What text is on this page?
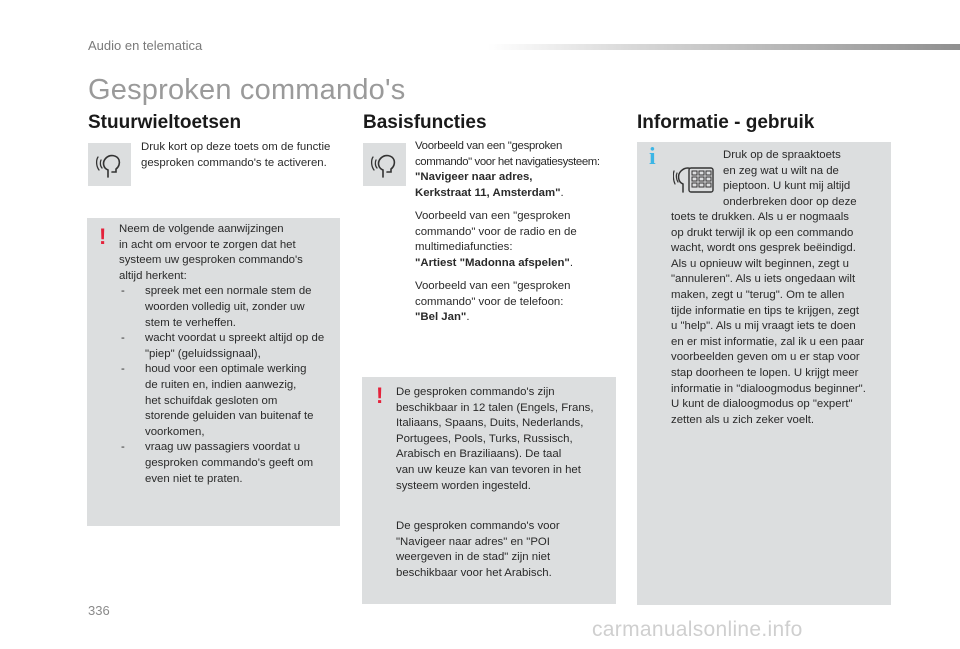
Audio en telematica
Gesproken commando's
Stuurwieltoetsen
Druk kort op deze toets om de functie
gesproken commando's te activeren.
! Neem de volgende aanwijzingen
in acht om ervoor te zorgen dat het
systeem uw gesproken commando's
altijd herkent:
- spreek met een normale stem de
woorden volledig uit, zonder uw
stem te verheffen.
- wacht voordat u spreekt altijd op de
"piep" (geluidssignaal),
- houd voor een optimale werking
de ruiten en, indien aanwezig,
het schuifdak gesloten om
storende geluiden van buitenaf te
voorkomen,
- vraag uw passagiers voordat u
gesproken commando's geeft om
even niet te praten.
Basisfuncties
Voorbeeld van een "gesproken
commando" voor het navigatiesysteem:
"Navigeer naar adres,
Kerkstraat 11, Amsterdam".
Voorbeeld van een "gesproken
commando" voor de radio en de
multimediafuncties:
"Artiest "Madonna afspelen".
Voorbeeld van een "gesproken
commando" voor de telefoon:
"Bel Jan".
! De gesproken commando's zijn
beschikbaar in 12 talen (Engels, Frans,
Italiaans, Spaans, Duits, Nederlands,
Portugees, Pools, Turks, Russisch,
Arabisch en Braziliaans). De taal
van uw keuze kan van tevoren in het
systeem worden ingesteld.
De gesproken commando's voor
"Navigeer naar adres" en "POI
weergeven in de stad" zijn niet
beschikbaar voor het Arabisch.
Informatie - gebruik
i	Druk op de spraaktoets
en zeg wat u wilt na de
pieptoon. U kunt mij altijd
onderbreken door op deze
toets te drukken. Als u er nogmaals
op drukt terwijl ik op een commando
wacht, wordt ons gesprek beëindigd.
Als u opnieuw wilt beginnen, zegt u
"annuleren". Als u iets ongedaan wilt
maken, zegt u "terug". Om te allen
tijde informatie en tips te krijgen, zegt
u "help". Als u mij vraagt iets te doen
en er mist informatie, zal ik u een paar
voorbeelden geven om u er stap voor
stap doorheen te lopen. U krijgt meer
informatie in "dialoogmodus beginner".
U kunt de dialoogmodus op "expert"
zetten als u zich zeker voelt.
336
carmanualsonline.info
